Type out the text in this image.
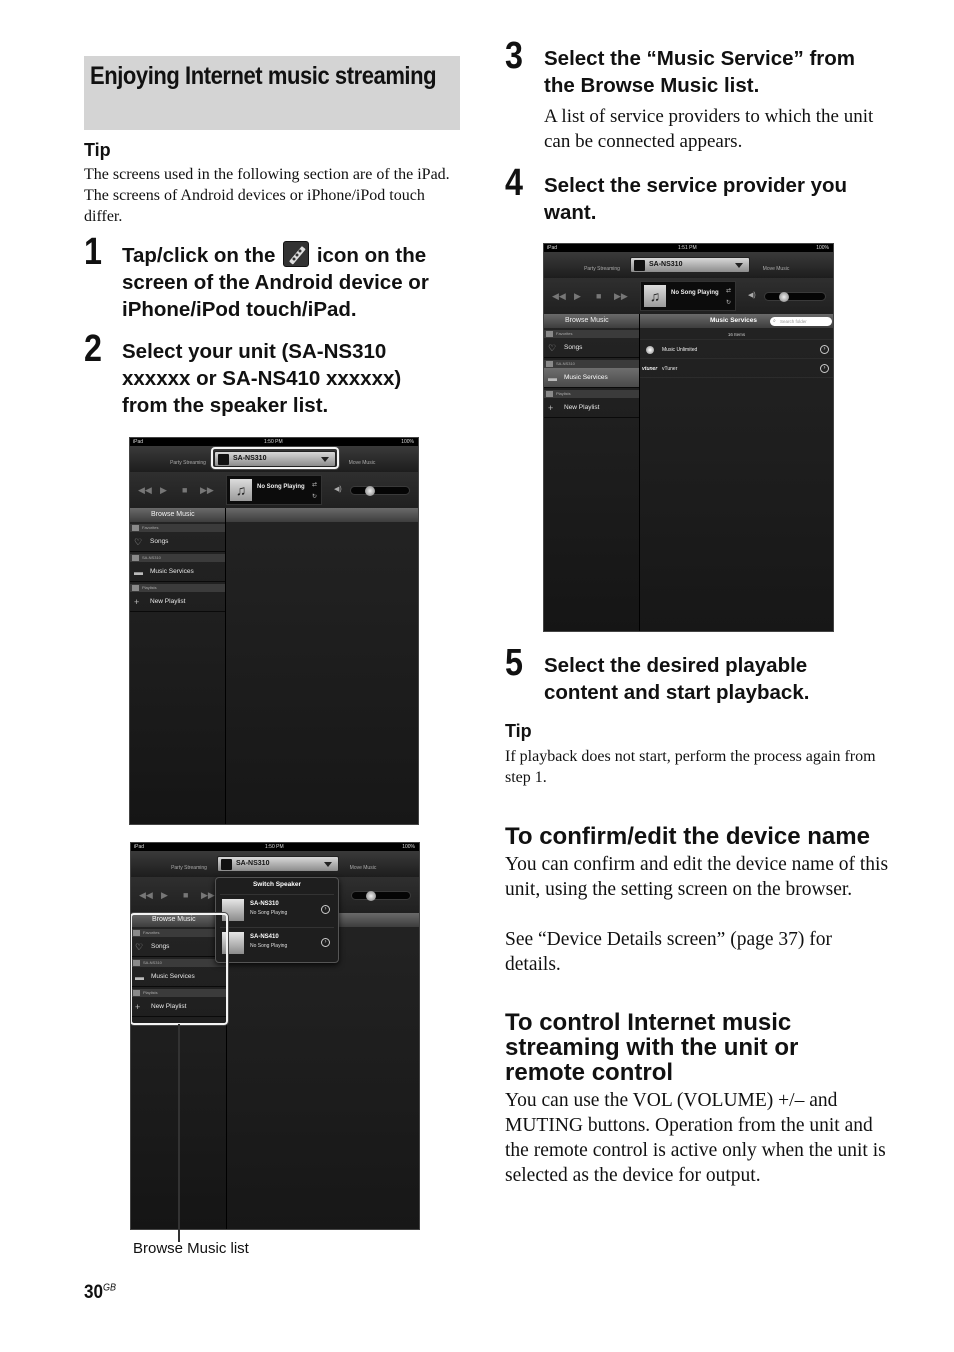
Enjoying Internet music streaming
Tip
The screens used in the following section are of the iPad. The screens of Android devices or iPhone/iPod touch differ.
1 Tap/click on the icon on the screen of the Android device or iPhone/iPod touch/iPad.
2 Select your unit (SA-NS310 xxxxxx or SA-NS410 xxxxxx) from the speaker list.
iPad	1:50 PM	100%
Party Streaming
SA-NS310
Move Music
◀◀ ▶ ■ ▶▶	♫	No Song Playing ⇄
↻
◀)
Browse Music
Favorites
♡ Songs
SA-NS310
▬ Music Services
Playlists
+ New Playlist
iPad	1:50 PM	100%
Party Streaming
SA-NS310
Move Music
◀◀ ▶ ■ ▶▶
Browse Music
Favorites
♡ Songs
SA-NS310
▬ Music Services
Playlists
+ New Playlist
Switch Speaker
SA-NS310
No Song Playing
›
SA-NS410
No Song Playing
›
Browse Music list
$30^{GB}$
3 Select the “Music Service” from the Browse Music list.
A list of service providers to which the unit can be connected appears.
4 Select the service provider you want.
iPad	1:51 PM	100%
Party Streaming
SA-NS310
Move Music
◀◀ ▶ ■ ▶▶	♫	No Song Playing ⇄
↻
◀)
Browse Music
Favorites
♡ Songs
SA-NS310
▬ Music Services
Playlists
+ New Playlist
Music Services	⌕ Search folder
16 Items
Music Unlimited	›
vtuner vTuner	›
5 Select the desired playable content and start playback.
Tip
If playback does not start, perform the process again from step 1.
To confirm/edit the device name
You can confirm and edit the device name of this unit, using the setting screen on the browser.
See “Device Details screen” (page 37) for details.
To control Internet music streaming with the unit or remote control
You can use the VOL (VOLUME) +/– and MUTING buttons. Operation from the unit and the remote control is active only when the unit is selected as the device for output.
